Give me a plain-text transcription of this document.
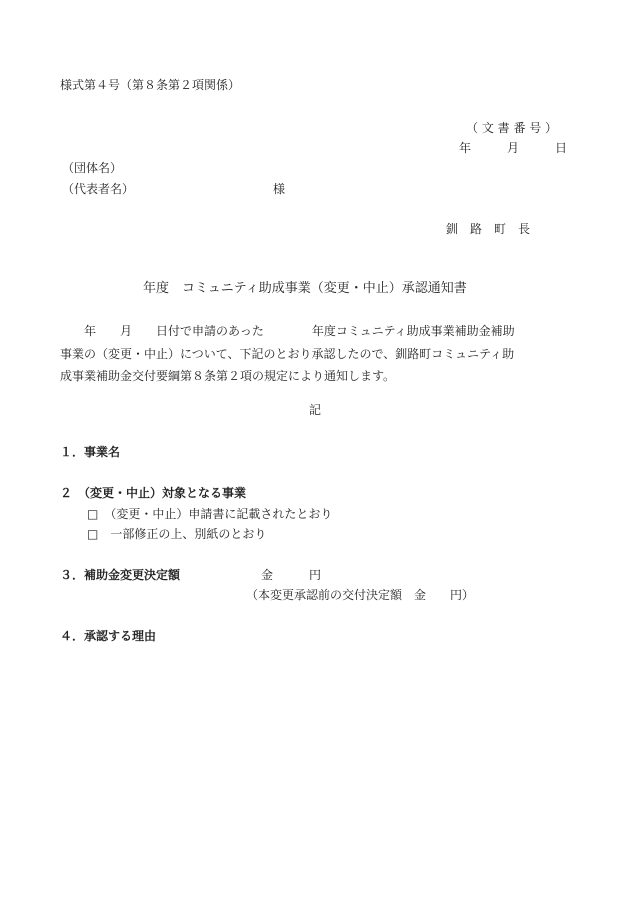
様式第４号（第８条第２項関係）
（ 文 書 番 号 ）
年　　　月　　　日
（団体名）
（代表者名）	様
釧　路　町　長
年度　コミュニティ助成事業（変更・中止）承認通知書
　　年　　月　　日付で申請のあった　　　　年度コミュニティ助成事業補助金補助
事業の（変更・中止）について、下記のとおり承認したので、釧路町コミュニティ助
成事業補助金交付要綱第８条第２項の規定により通知します。
記
１．事業名
２　（変更・中止）対象となる事業
□　（変更・中止）申請書に記載されたとおり
□　一部修正の上、別紙のとおり
３．補助金変更決定額	金　　　円
（本変更承認前の交付決定額　金　　円）
４．承認する理由
